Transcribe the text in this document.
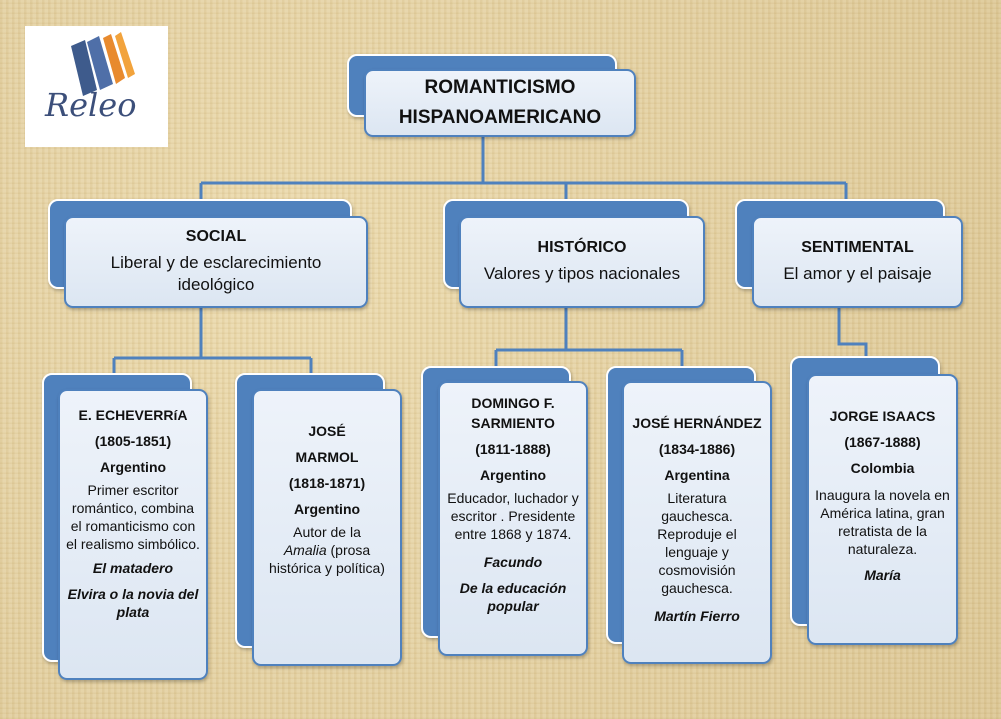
Releo	ROMANTICISMO
HISPANOAMERICANO
SOCIAL
Liberal y de esclarecimiento ideológico
HISTÓRICO
Valores y tipos nacionales
SENTIMENTAL
El amor y el paisaje
E. ECHEVERRíA
(1805-1851)
Argentino
Primer escritor romántico, combina el romanticismo con el realismo simbólico.
El matadero
Elvira o la novia del plata
JOSÉ
MARMOL
(1818-1871)
Argentino
Autor de la
Amalia (prosa histórica y política)
DOMINGO F. SARMIENTO
(1811-1888)
Argentino
Educador, luchador y escritor . Presidente entre 1868 y 1874.
Facundo
De la educación popular
JOSÉ HERNÁNDEZ
(1834-1886)
Argentina
Literatura gauchesca. Reproduje el lenguaje y cosmovisión gauchesca.
Martín Fierro
JORGE ISAACS
(1867-1888)
Colombia
Inaugura la novela en América latina, gran retratista de la naturaleza.
María
